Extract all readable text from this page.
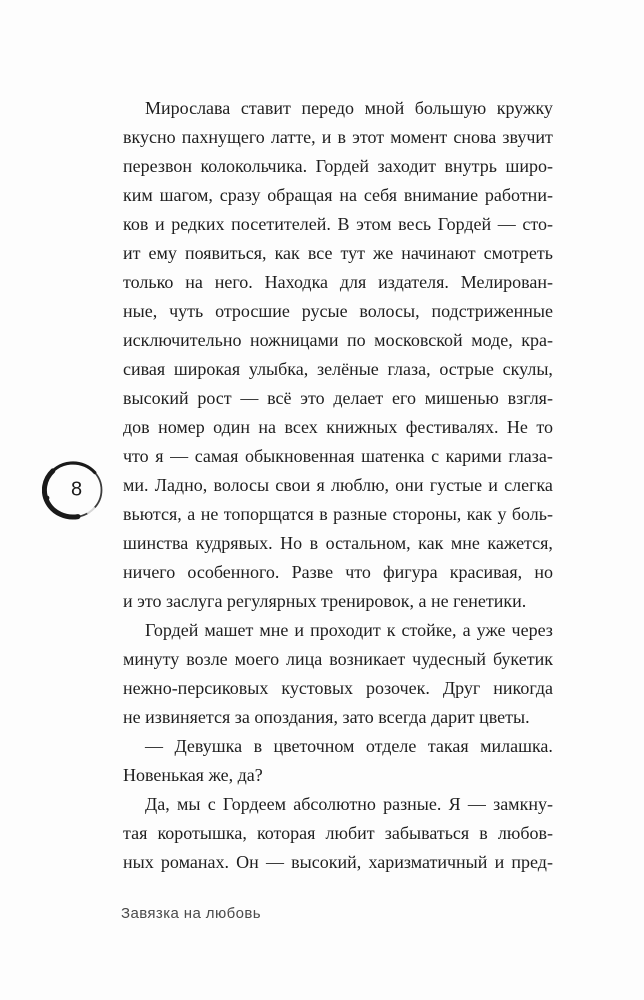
8
Мирослава ставит передо мной большую кружку
вкусно пахнущего латте, и в этот момент снова звучит
перезвон колокольчика. Гордей заходит внутрь широ-
ким шагом, сразу обращая на себя внимание работни-
ков и редких посетителей. В этом весь Гордей — сто-
ит ему появиться, как все тут же начинают смотреть
только на него. Находка для издателя. Мелирован-
ные, чуть отросшие русые волосы, подстриженные
исключительно ножницами по московской моде, кра-
сивая широкая улыбка, зелёные глаза, острые скулы,
высокий рост — всё это делает его мишенью взгля-
дов номер один на всех книжных фестивалях. Не то
что я — самая обыкновенная шатенка с карими глаза-
ми. Ладно, волосы свои я люблю, они густые и слегка
вьются, а не топорщатся в разные стороны, как у боль-
шинства кудрявых. Но в остальном, как мне кажется,
ничего особенного. Разве что фигура красивая, но
и это заслуга регулярных тренировок, а не генетики.
Гордей машет мне и проходит к стойке, а уже через
минуту возле моего лица возникает чудесный букетик
нежно-персиковых кустовых розочек. Друг никогда
не извиняется за опоздания, зато всегда дарит цветы.
— Девушка в цветочном отделе такая милашка.
Новенькая же, да?
Да, мы с Гордеем абсолютно разные. Я — замкну-
тая коротышка, которая любит забываться в любов-
ных романах. Он — высокий, харизматичный и пред-
Завязка на любовь
